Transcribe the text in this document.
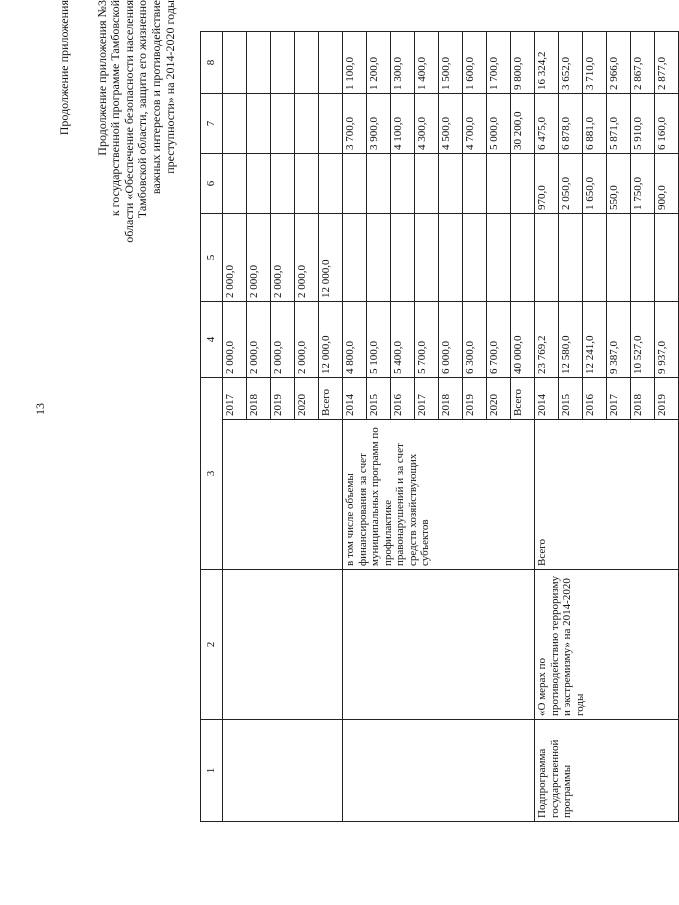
13
Продолжение приложения Продолжение приложения №3
к государственной программе Тамбовской
области «Обеспечение безопасности населения
Тамбовской области, защита его жизненно
важных интересов и противодействие
преступности» на 2014-2020 годы
1	2	3		4	5	6	7	8
			2017	2 000,0	2 000,0			
			2018	2 000,0	2 000,0			
			2019	2 000,0	2 000,0			
			2020	2 000,0	2 000,0			
			Всего	12 000,0	12 000,0			
		в том числе объемы финансирования за счет муниципальных программ по профилактике правонарушений и за счет средств хозяйствующих субъектов	2014	4 800,0			3 700,0	1 100,0
			2015	5 100,0			3 900,0	1 200,0
			2016	5 400,0			4 100,0	1 300,0
			2017	5 700,0			4 300,0	1 400,0
			2018	6 000,0			4 500,0	1 500,0
			2019	6 300,0			4 700,0	1 600,0
			2020	6 700,0			5 000,0	1 700,0
			Всего	40 000,0			30 200,0	9 800,0
Подпрограмма государственной программы	«О мерах по противодействию терроризму и экстремизму» на 2014-2020 годы	Всего	2014	23 769,2		970,0	6 475,0	16 324,2
			2015	12 580,0		2 050,0	6 878,0	3 652,0
			2016	12 241,0		1 650,0	6 881,0	3 710,0
			2017	9 387,0		550,0	5 871,0	2 966,0
			2018	10 527,0		1 750,0	5 910,0	2 867,0
			2019	9 937,0		900,0	6 160,0	2 877,0
